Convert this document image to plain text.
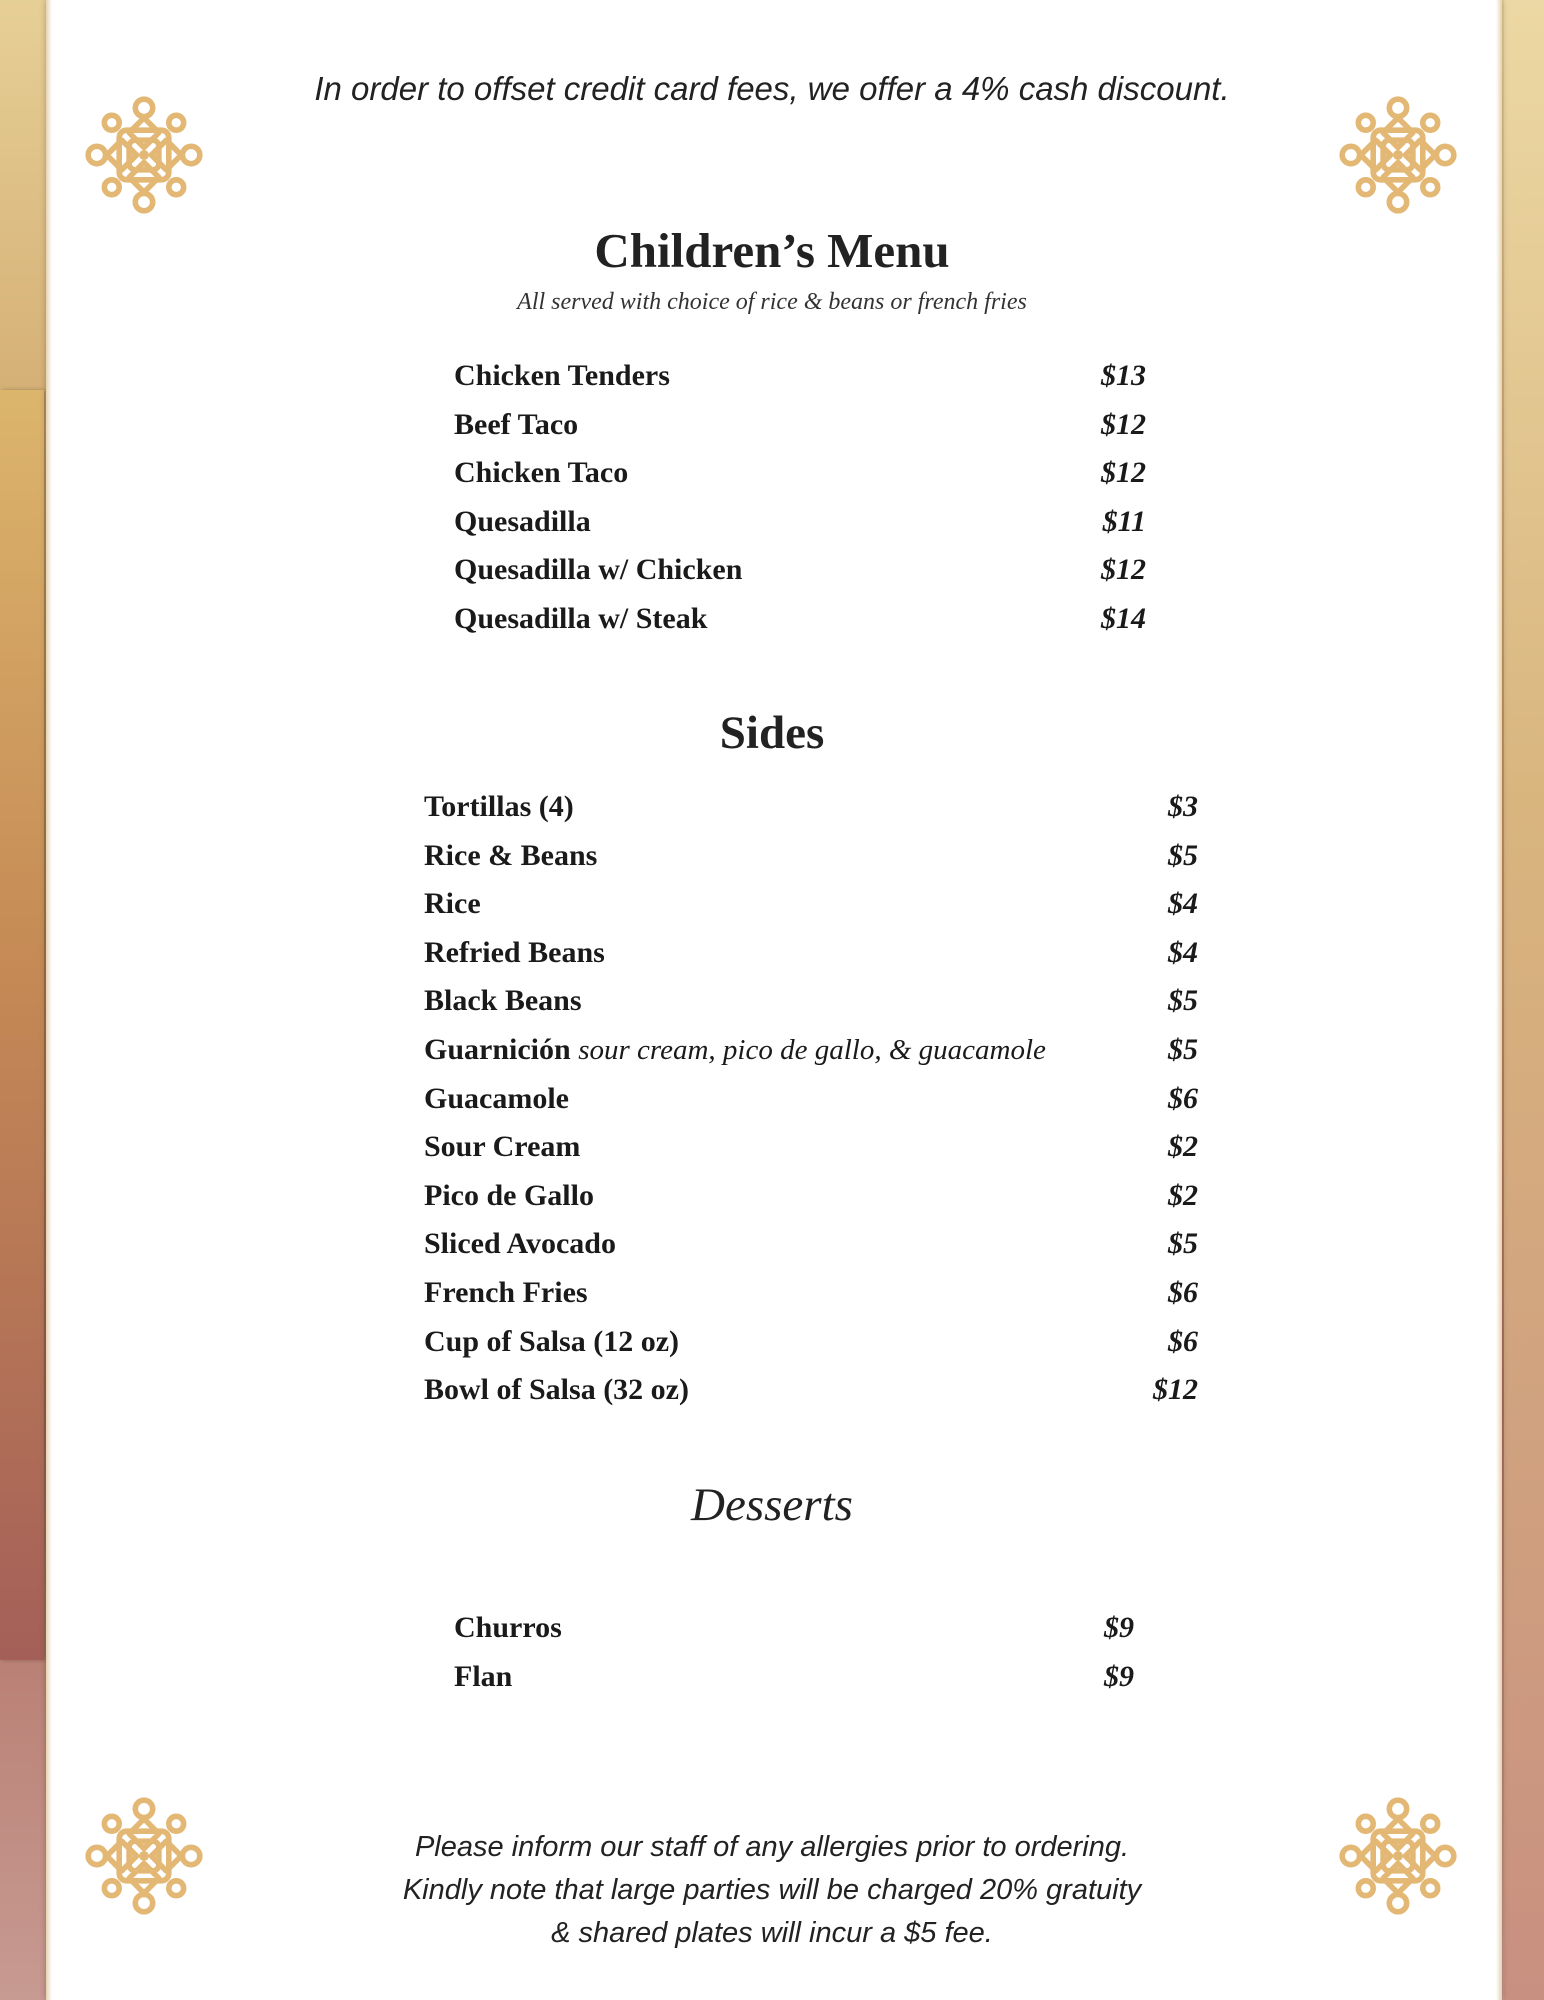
In order to offset credit card fees, we offer a 4% cash discount.
Children’s Menu
All served with choice of rice & beans or french fries
Chicken Tenders	$13
Beef Taco	$12
Chicken Taco	$12
Quesadilla	$11
Quesadilla w/ Chicken	$12
Quesadilla w/ Steak	$14
Sides
Tortillas (4)	$3
Rice & Beans	$5
Rice	$4
Refried Beans	$4
Black Beans	$5
Guarnición sour cream, pico de gallo, & guacamole	$5
Guacamole	$6
Sour Cream	$2
Pico de Gallo	$2
Sliced Avocado	$5
French Fries	$6
Cup of Salsa (12 oz)	$6
Bowl of Salsa (32 oz)	$12
Desserts
Churros	$9
Flan	$9
Please inform our staff of any allergies prior to ordering.
Kindly note that large parties will be charged 20% gratuity
& shared plates will incur a $5 fee.
